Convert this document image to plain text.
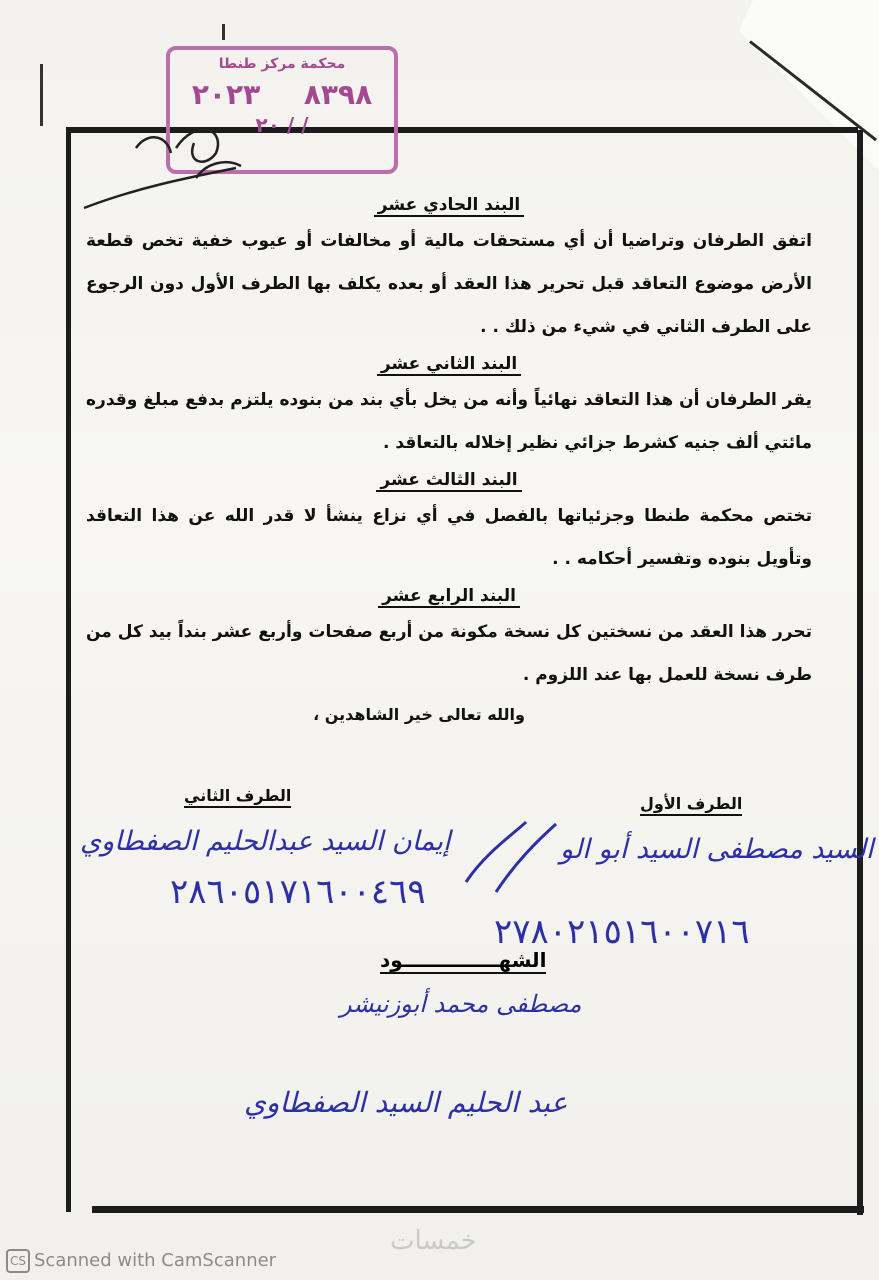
محكمة مركز طنطا
٢٠٢٣ ٨٣٩٨
٢٠ / /

البند الحادي عشر

اتفق الطرفان وتراضيا أن أي مستحقات مالية أو مخالفات أو عيوب خفية تخص قطعة الأرض موضوع التعاقد قبل تحرير هذا العقد أو بعده يكلف بها الطرف الأول دون الرجوع على الطرف الثاني في شيء من ذلك . .

البند الثاني عشر

يقر الطرفان أن هذا التعاقد نهائياً وأنه من يخل بأي بند من بنوده يلتزم بدفع مبلغ وقدره مائتي ألف جنيه كشرط جزائي نظير إخلاله بالتعاقد .

البند الثالث عشر

تختص محكمة طنطا وجزئياتها بالفصل في أي نزاع ينشأ لا قدر الله عن هذا التعاقد وتأويل بنوده وتفسير أحكامه . .

البند الرابع عشر

تحرر هذا العقد من نسختين كل نسخة مكونة من أربع صفحات وأربع عشر بنداً بيد كل من طرف نسخة للعمل بها عند اللزوم .

والله تعالى خير الشاهدين ،
الطرف الثاني	الطرف الأول
إيمان السيد عبدالحليم الصفطاوي
٢٨٦٠٥١٧١٦٠٠٤٦٩
السيد مصطفى السيد أبو الو
٢٧٨٠٢١٥١٦٠٠٧١٦
الشهــــــــــــــود
مصطفى محمد أبوزنيشر
عبد الحليم السيد الصفطاوي
خمسات
CS Scanned with CamScanner
